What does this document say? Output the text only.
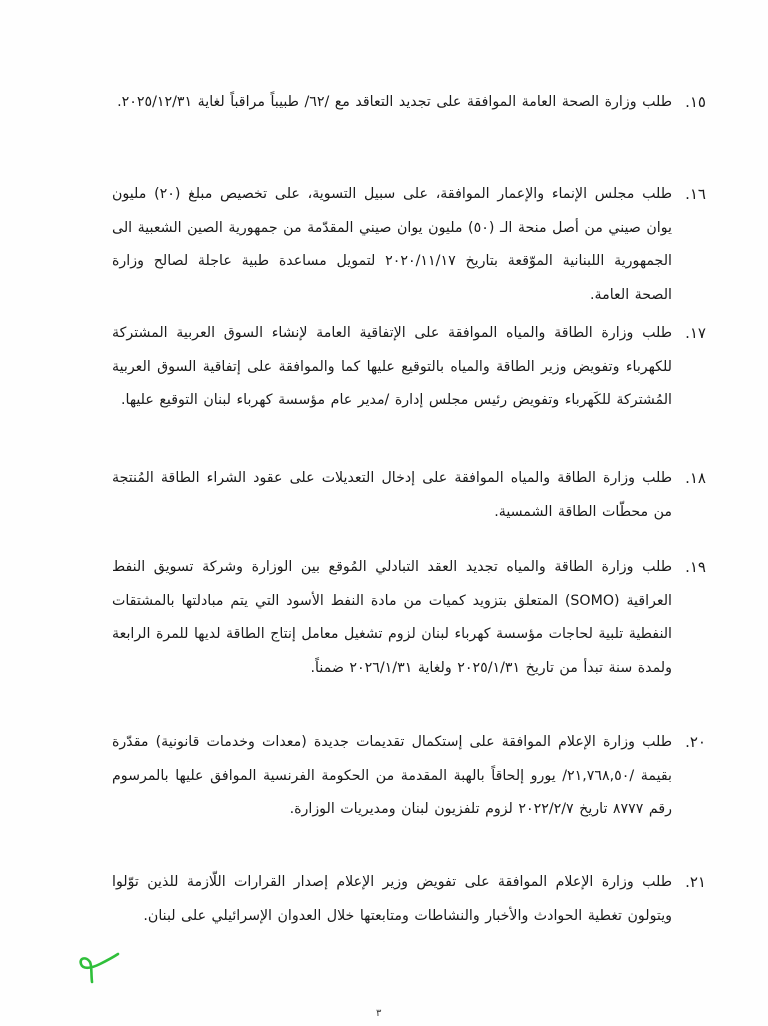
١٥.
طلب وزارة الصحة العامة الموافقة على تجديد التعاقد مع /٦٢/ طبيباً مراقباً لغاية ٢٠٢٥/١٢/٣١.
١٦.
طلب مجلس الإنماء والإعمار الموافقة، على سبيل التسوية، على تخصيص مبلغ (٢٠) مليون يوان صيني من أصل منحة الـ (٥٠) مليون يوان صيني المقدّمة من جمهورية الصين الشعبية الى الجمهورية اللبنانية الموّقعة بتاريخ ٢٠٢٠/١١/١٧ لتمويل مساعدة طبية عاجلة لصالح وزارة الصحة العامة.
١٧.
طلب وزارة الطاقة والمياه الموافقة على الإتفاقية العامة لإنشاء السوق العربية المشتركة للكهرباء وتفويض وزير الطاقة والمياه بالتوقيع عليها كما والموافقة على إتفاقية السوق العربية المُشتركة للكَهرباء وتفويض رئيس مجلس إدارة /مدير عام مؤسسة كهرباء لبنان التوقيع عليها.
١٨.
طلب وزارة الطاقة والمياه الموافقة على إدخال التعديلات على عقود الشراء الطاقة المُنتجة من محطّات الطاقة الشمسية.
١٩.
طلب وزارة الطاقة والمياه تجديد العقد التبادلي المُوقع بين الوزارة وشركة تسويق النفط العراقية (SOMO) المتعلق بتزويد كميات من مادة النفط الأسود التي يتم مبادلتها بالمشتقات النفطية تلبية لحاجات مؤسسة كهرباء لبنان لزوم تشغيل معامل إنتاج الطاقة لديها للمرة الرابعة ولمدة سنة تبدأ من تاريخ ٢٠٢٥/١/٣١ ولغاية ٢٠٢٦/١/٣١ ضمناً.
٢٠.
طلب وزارة الإعلام الموافقة على إستكمال تقديمات جديدة (معدات وخدمات قانونية) مقدّرة بقيمة /٢١,٧٦٨,٥٠/ يورو إلحاقاً بالهبة المقدمة من الحكومة الفرنسية الموافق عليها بالمرسوم رقم ٨٧٧٧ تاريخ ٢٠٢٢/٢/٧ لزوم تلفزيون لبنان ومديريات الوزارة.
٢١.
طلب وزارة الإعلام الموافقة على تفويض وزير الإعلام إصدار القرارات اللّازمة للذين توّلوا ويتولون تغطية الحوادث والأخبار والنشاطات ومتابعتها خلال العدوان الإسرائيلي على لبنان.
٣
